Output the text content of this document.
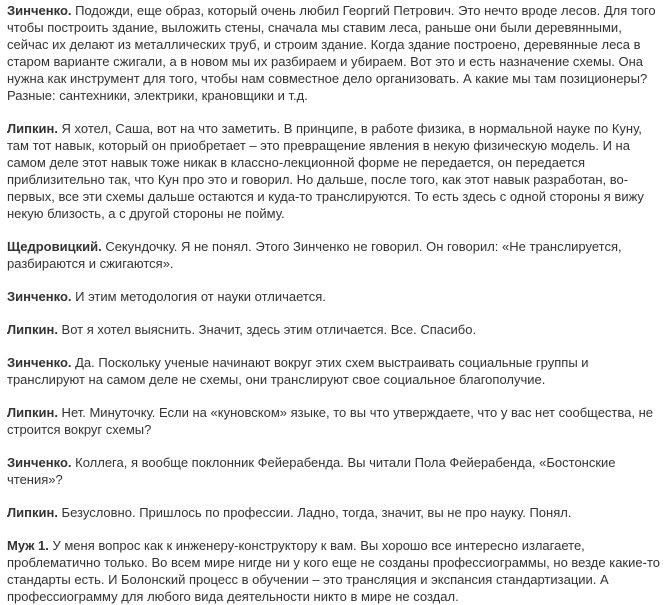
Зинченко. Подожди, еще образ, который очень любил Георгий Петрович. Это нечто вроде лесов. Для того чтобы построить здание, выложить стены, сначала мы ставим леса, раньше они были деревянными, сейчас их делают из металлических труб, и строим здание. Когда здание построено, деревянные леса в старом варианте сжигали, а в новом мы их разбираем и убираем. Вот это и есть назначение схемы. Она нужна как инструмент для того, чтобы нам совместное дело организовать. А какие мы там позиционеры? Разные: сантехники, электрики, крановщики и т.д.

Липкин. Я хотел, Саша, вот на что заметить. В принципе, в работе физика, в нормальной науке по Куну, там тот навык, который он приобретает – это превращение явления в некую физическую модель. И на самом деле этот навык тоже никак в классно-лекционной форме не передается, он передается приблизительно так, что Кун про это и говорил. Но дальше, после того, как этот навык разработан, во-первых, все эти схемы дальше остаются и куда-то транслируются. То есть здесь с одной стороны я вижу некую близость, а с другой стороны не пойму.

Щедровицкий. Секундочку. Я не понял. Этого Зинченко не говорил. Он говорил: «Не транслируется, разбираются и сжигаются».

Зинченко. И этим методология от науки отличается.

Липкин. Вот я хотел выяснить. Значит, здесь этим отличается. Все. Спасибо.

Зинченко. Да. Поскольку ученые начинают вокруг этих схем выстраивать социальные группы и транслируют на самом деле не схемы, они транслируют свое социальное благополучие.

Липкин. Нет. Минуточку. Если на «куновском» языке, то вы что утверждаете, что у вас нет сообщества, не строится вокруг схемы?

Зинченко. Коллега, я вообще поклонник Фейерабенда. Вы читали Пола Фейерабенда, «Бостонские чтения»?

Липкин. Безусловно. Пришлось по профессии. Ладно, тогда, значит, вы не про науку. Понял.

Муж 1. У меня вопрос как к инженеру-конструктору к вам. Вы хорошо все интересно излагаете, проблематично только. Во всем мире нигде ни у кого еще не созданы профессиограммы, но везде какие-то стандарты есть. И Болонский процесс в обучении – это трансляция и экспансия стандартизации. А профессиограмму для любого вида деятельности никто в мире не создал.
